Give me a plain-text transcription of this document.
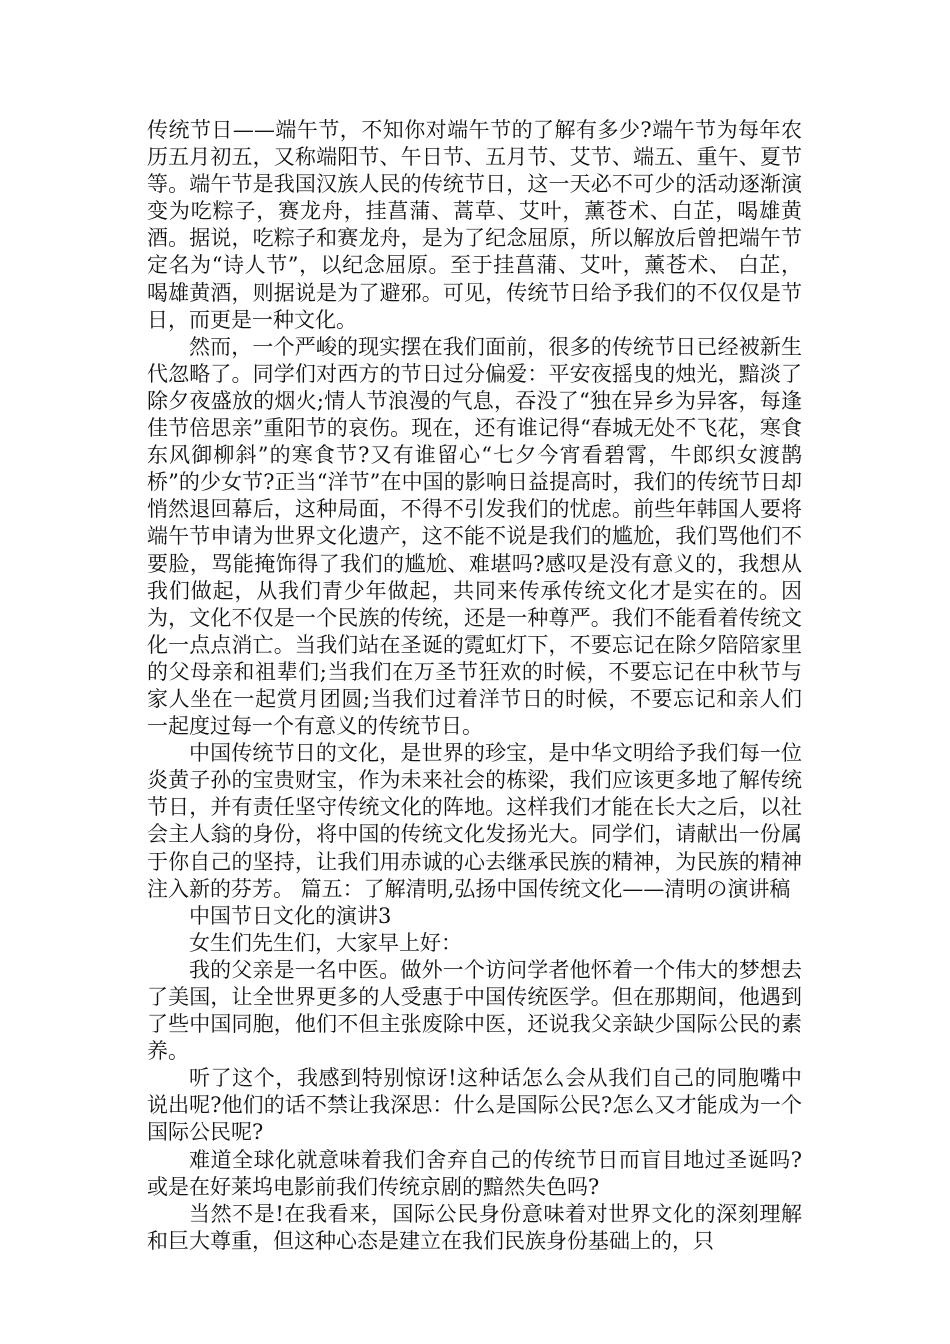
传统节日——端午节，不知你对端午节的了解有多少?端午节为每年农历五月初五，又称端阳节、午日节、五月节、艾节、端五、重午、夏节等。端午节是我国汉族人民的传统节日，这一天必不可少的活动逐渐演变为吃粽子，赛龙舟，挂菖蒲、蒿草、艾叶，薰苍术、白芷，喝雄黄酒。据说，吃粽子和赛龙舟，是为了纪念屈原，所以解放后曾把端午节定名为“诗人节”，以纪念屈原。至于挂菖蒲、艾叶，薰苍术、 白芷，喝雄黄酒，则据说是为了避邪。可见，传统节日给予我们的不仅仅是节日，而更是一种文化。

然而，一个严峻的现实摆在我们面前，很多的传统节日已经被新生代忽略了。同学们对西方的节日过分偏爱：平安夜摇曳的烛光，黯淡了除夕夜盛放的烟火;情人节浪漫的气息，吞没了“独在异乡为异客，每逢佳节倍思亲”重阳节的哀伤。现在，还有谁记得“春城无处不飞花，寒食东风御柳斜”的寒食节?又有谁留心“七夕今宵看碧霄，牛郎织女渡鹊桥”的少女节?正当“洋节”在中国的影响日益提高时，我们的传统节日却悄然退回幕后，这种局面，不得不引发我们的忧虑。前些年韩国人要将端午节申请为世界文化遗产，这不能不说是我们的尴尬，我们骂他们不要脸，骂能掩饰得了我们的尴尬、难堪吗?感叹是没有意义的，我想从我们做起，从我们青少年做起，共同来传承传统文化才是实在的。因为，文化不仅是一个民族的传统，还是一种尊严。我们不能看着传统文化一点点消亡。当我们站在圣诞的霓虹灯下，不要忘记在除夕陪陪家里的父母亲和祖辈们;当我们在万圣节狂欢的时候，不要忘记在中秋节与家人坐在一起赏月团圆;当我们过着洋节日的时候，不要忘记和亲人们一起度过每一个有意义的传统节日。

中国传统节日的文化，是世界的珍宝，是中华文明给予我们每一位炎黄子孙的宝贵财宝，作为未来社会的栋梁，我们应该更多地了解传统节日，并有责任坚守传统文化的阵地。这样我们才能在长大之后，以社会主人翁的身份，将中国的传统文化发扬光大。同学们，请献出一份属于你自己的坚持，让我们用赤诚的心去继承民族的精神，为民族的精神注入新的芬芳。 篇五：了解清明,弘扬中国传统文化——清明の演讲稿

中国节日文化的演讲3

女生们先生们，大家早上好：

我的父亲是一名中医。做外一个访问学者他怀着一个伟大的梦想去了美国，让全世界更多的人受惠于中国传统医学。但在那期间，他遇到了些中国同胞，他们不但主张废除中医，还说我父亲缺少国际公民的素养。

听了这个，我感到特别惊讶!这种话怎么会从我们自己的同胞嘴中说出呢?他们的话不禁让我深思：什么是国际公民?怎么又才能成为一个国际公民呢?

难道全球化就意味着我们舍弃自己的传统节日而盲目地过圣诞吗?或是在好莱坞电影前我们传统京剧的黯然失色吗?

当然不是!在我看来，国际公民身份意味着对世界文化的深刻理解和巨大尊重，但这种心态是建立在我们民族身份基础上的，只
